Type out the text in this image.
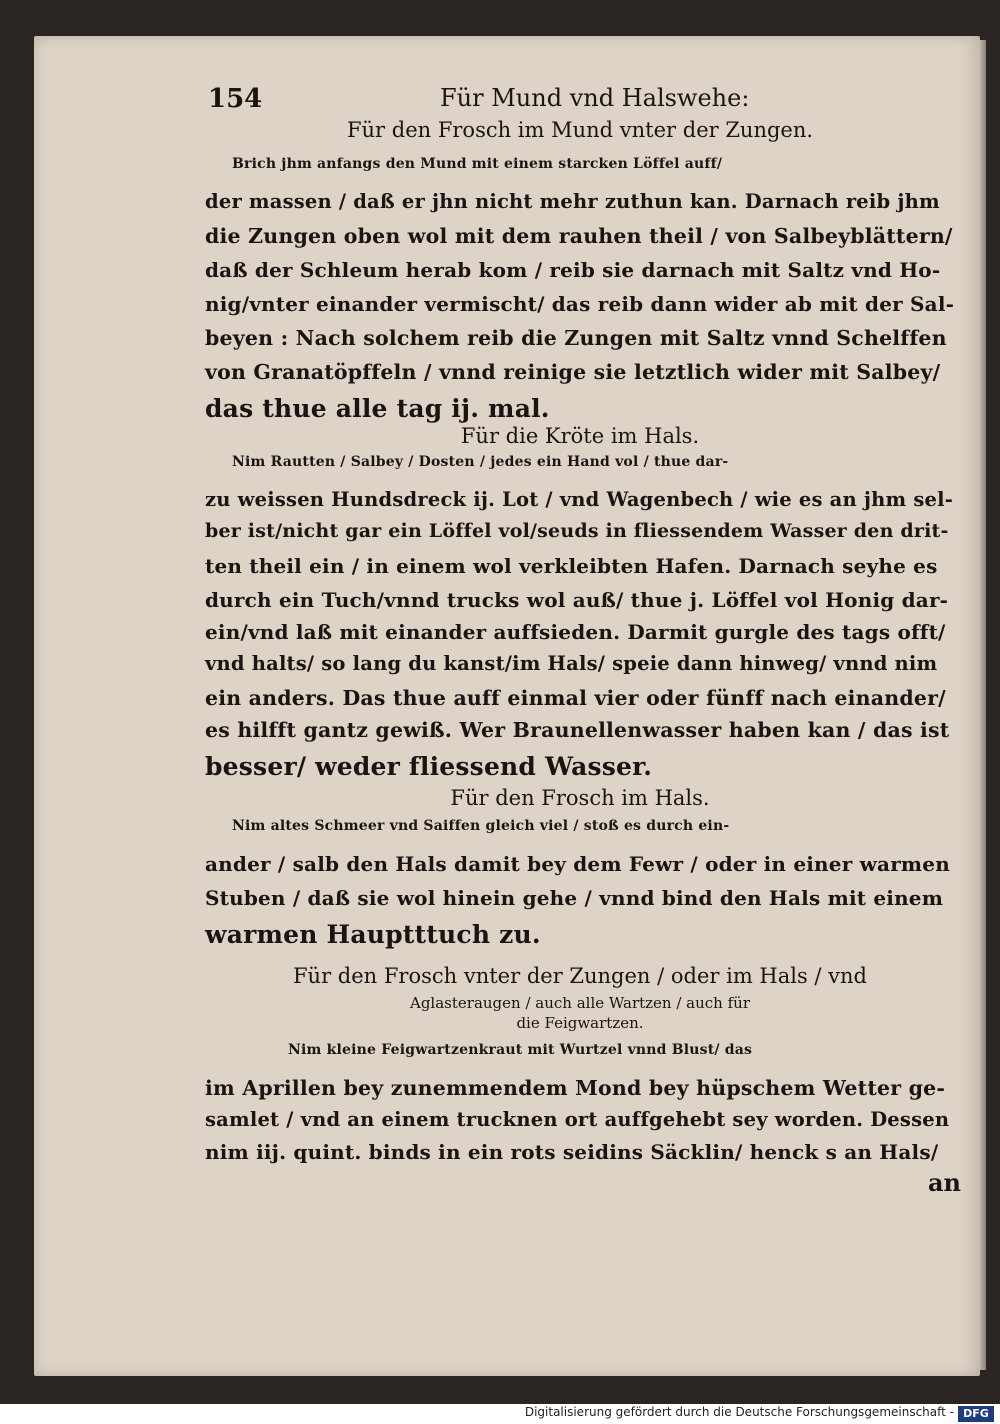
154	Für Mund vnd Halswehe:
Für den Frosch im Mund vnter der Zungen.
Brich jhm anfangs den Mund mit einem starcken Löffel auff/
der massen / daß er jhn nicht mehr zuthun kan. Darnach reib jhm
die Zungen oben wol mit dem rauhen theil / von Salbeyblättern/
daß der Schleum herab kom / reib sie darnach mit Saltz vnd Ho-
nig/vnter einander vermischt/ das reib dann wider ab mit der Sal-
beyen : Nach solchem reib die Zungen mit Saltz vnnd Schelffen
von Granatöpffeln / vnnd reinige sie letztlich wider mit Salbey/
das thue alle tag ij. mal.
Für die Kröte im Hals.
Nim Rautten / Salbey / Dosten / jedes ein Hand vol / thue dar-
zu weissen Hundsdreck ij. Lot / vnd Wagenbech / wie es an jhm sel-
ber ist/nicht gar ein Löffel vol/seuds in fliessendem Wasser den drit-
ten theil ein / in einem wol verkleibten Hafen. Darnach seyhe es
durch ein Tuch/vnnd trucks wol auß/ thue j. Löffel vol Honig dar-
ein/vnd laß mit einander auffsieden. Darmit gurgle des tags offt/
vnd halts/ so lang du kanst/im Hals/ speie dann hinweg/ vnnd nim
ein anders. Das thue auff einmal vier oder fünff nach einander/
es hilfft gantz gewiß. Wer Braunellenwasser haben kan / das ist
besser/ weder fliessend Wasser.
Für den Frosch im Hals.
Nim altes Schmeer vnd Saiffen gleich viel / stoß es durch ein-
ander / salb den Hals damit bey dem Fewr / oder in einer warmen
Stuben / daß sie wol hinein gehe / vnnd bind den Hals mit einem
warmen Hauptttuch zu.
Für den Frosch vnter der Zungen / oder im Hals / vnd
Aglasteraugen / auch alle Wartzen / auch für
die Feigwartzen.
Nim kleine Feigwartzenkraut mit Wurtzel vnnd Blust/ das
im Aprillen bey zunemmendem Mond bey hüpschem Wetter ge-
samlet / vnd an einem trucknen ort auffgehebt sey worden. Dessen
nim iij. quint. binds in ein rots seidins Säcklin/ henck s an Hals/
an
Digitalisierung gefördert durch die Deutsche Forschungsgemeinschaft - DFG
